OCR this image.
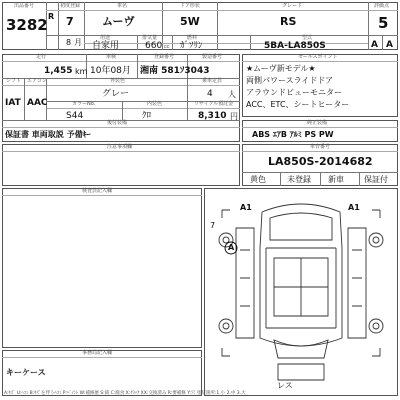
出品番号
3282
初度登録
R 7
8 月
車名
ムーヴ
ドア形状
5W
グレード
RS
評価点
5
用途
自家用
排気量
660 cc
燃料
ｶﾞｿﾘﾝ
型式
5BA-LA850S	A A
走行
1,455 km
車検
10年08月
登録番号
湘南 581ｿ3043
製造番号
シフト
IAT
エアコン
AAC
外装色
グレー
乗車定員
4 人
カラーNo.
S44
内装色
ｸﾛ
リサイクル預託金
8,310 円
後付装備
保証書 車両取説 予備ｷｰ
セールスポイント
★ムーヴ新モデル★
両側パワースライドドア
アラウンドビューモニター
ACC、ETC、シートヒーター
純正装備
ABS ｴｱB ｱﾙﾐ PS PW
注意事項欄	車台番号
LA850S-2014682
黄色	未登録 新車	保証付
検査員記入欄
A1
A
A1
7
レス
事務局記入欄
キーケース
A:ｷｽﾞ U:ﾍｺﾐ B:ｷｽﾞを伴うﾍｺﾐ P:ﾍﾟｲﾝﾄ W:補修歴 S:錆 C:腐食 X:ｸﾗｯｸ XX:交換済み R:要補修 Y:穴 塗装箇所:1.小 2.中 3.大
